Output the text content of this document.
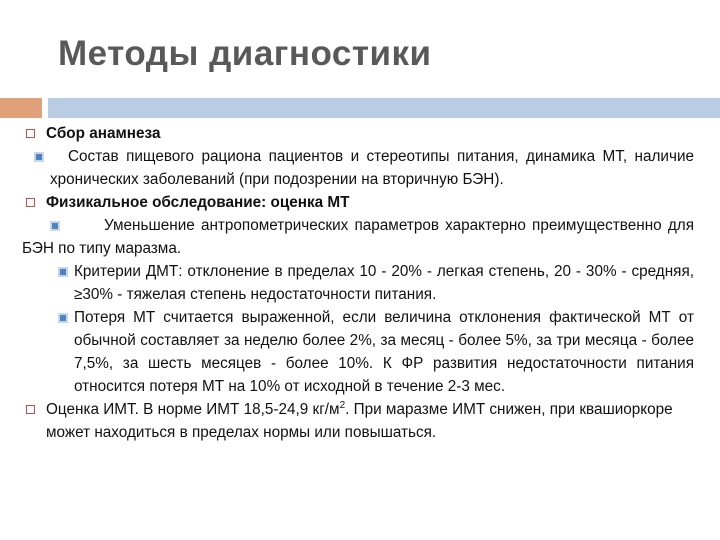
Методы диагностики
Сбор анамнеза
Состав пищевого рациона пациентов и стереотипы питания, динамика МТ, наличие хронических заболеваний (при подозрении на вторичную БЭН).
Физикальное обследование: оценка МТ
Уменьшение антропометрических параметров характерно преимущественно для БЭН по типу маразма.
Критерии ДМТ: отклонение в пределах 10 - 20% - легкая степень, 20 - 30% - средняя, ≥30% - тяжелая степень недостаточности питания.
Потеря МТ считается выраженной, если величина отклонения фактической МТ от обычной составляет за неделю более 2%, за месяц - более 5%, за три месяца - более 7,5%, за шесть месяцев - более 10%. К ФР развития недостаточности питания относится потеря МТ на 10% от исходной в течение 2-3 мес.
Оценка ИМТ. В норме ИМТ 18,5-24,9 $кг/м^2$. При маразме ИМТ снижен, при квашиоркоре может находиться в пределах нормы или повышаться.
